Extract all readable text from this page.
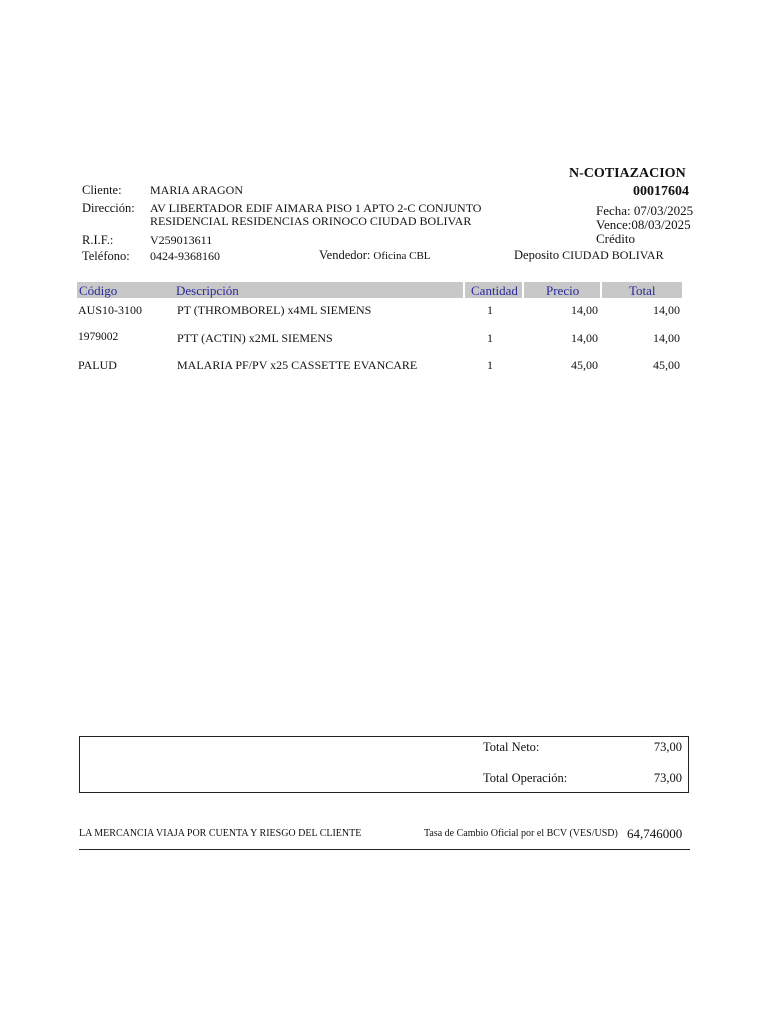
N-COTIAZACION
00017604
Fecha: 07/03/2025
Vence:08/03/2025
Crédito
Cliente: MARIA ARAGON
Dirección: AV LIBERTADOR EDIF AIMARA PISO 1 APTO 2-C CONJUNTO
RESIDENCIAL RESIDENCIAS ORINOCO CIUDAD BOLIVAR
R.I.F.:	V259013611
Teléfono: 0424-9368160	Vendedor: Oficina CBL	Deposito CIUDAD BOLIVAR
Código	Descripción	Cantidad Precio	Total
AUS10-3100	PT (THROMBOREL) x4ML SIEMENS	1	14,00	14,00
1979002	PTT (ACTIN) x2ML SIEMENS	1	14,00	14,00
PALUD	MALARIA PF/PV x25 CASSETTE EVANCARE	1	45,00	45,00
Total Neto:	73,00
Total Operación:	73,00
LA MERCANCIA VIAJA POR CUENTA Y RIESGO DEL CLIENTE	Tasa de Cambio Oficial por el BCV (VES/USD) 64,746000
